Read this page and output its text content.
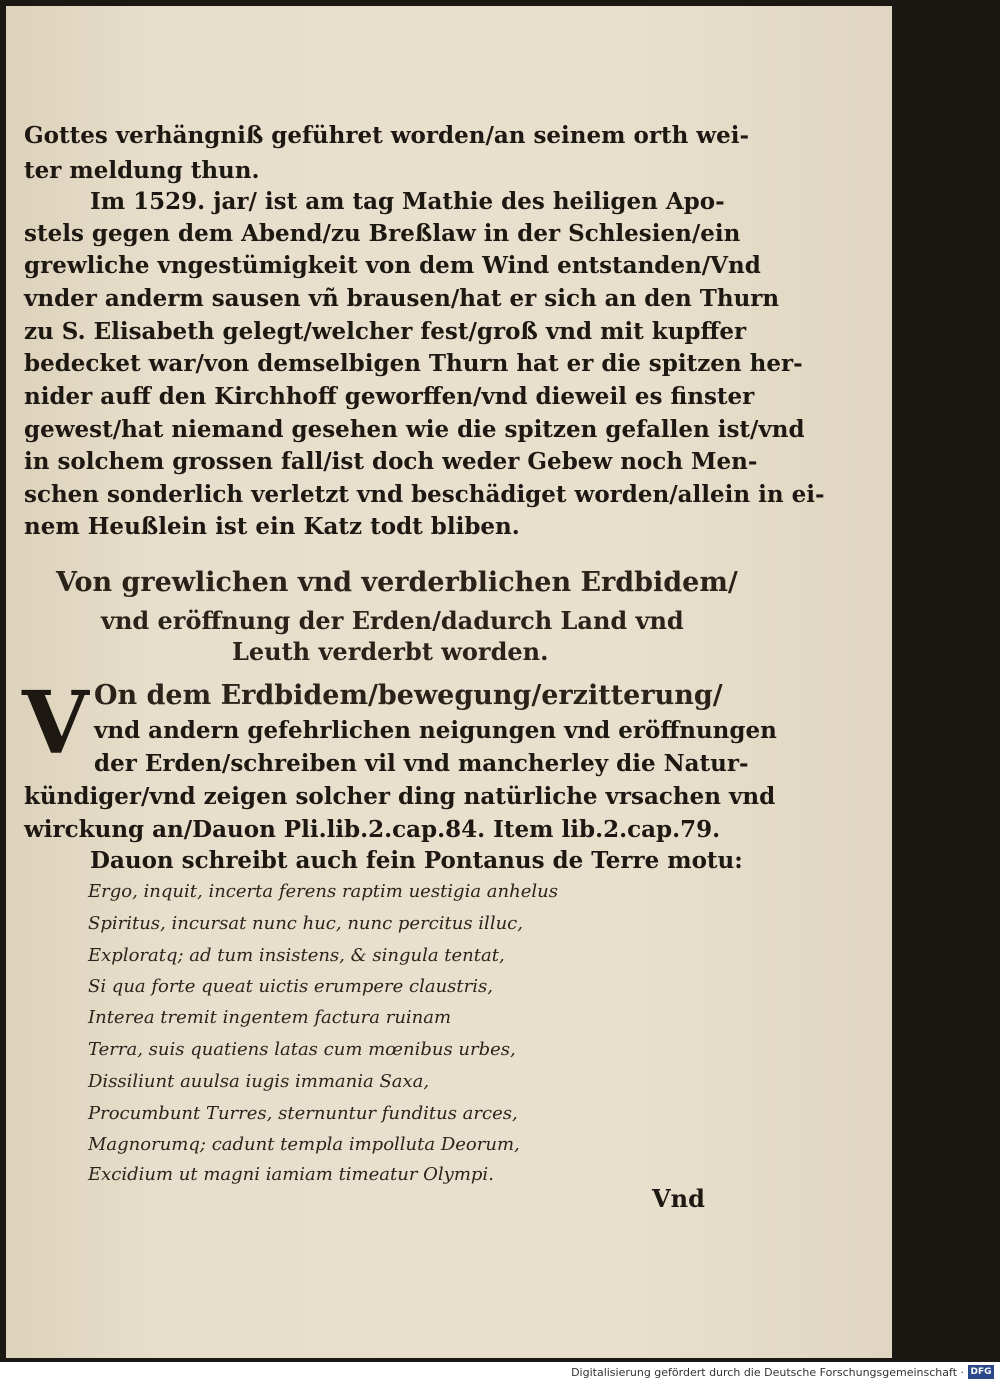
Gottes verhängniß geführet worden/an seinem orth wei-
ter meldung thun.
Im 1529. jar/ ist am tag Mathie des heiligen Apo-
stels gegen dem Abend/zu Breßlaw in der Schlesien/ein
grewliche vngestümigkeit von dem Wind entstanden/Vnd
vnder anderm sausen vñ brausen/hat er sich an den Thurn
zu S. Elisabeth gelegt/welcher fest/groß vnd mit kupffer
bedecket war/von demselbigen Thurn hat er die spitzen her-
nider auff den Kirchhoff geworffen/vnd dieweil es finster
gewest/hat niemand gesehen wie die spitzen gefallen ist/vnd
in solchem grossen fall/ist doch weder Gebew noch Men-
schen sonderlich verletzt vnd beschädiget worden/allein in ei-
nem Heußlein ist ein Katz todt bliben.
Von grewlichen vnd verderblichen Erdbidem/
vnd eröffnung der Erden/dadurch Land vnd
Leuth verderbt worden.
V On dem Erdbidem/bewegung/erzitterung/
vnd andern gefehrlichen neigungen vnd eröffnungen
der Erden/schreiben vil vnd mancherley die Natur-
kündiger/vnd zeigen solcher ding natürliche vrsachen vnd
wirckung an/Dauon Pli.lib.2.cap.84. Item lib.2.cap.79.
Dauon schreibt auch fein Pontanus de Terre motu:
Ergo, inquit, incerta ferens raptim uestigia anhelus
Spiritus, incursat nunc huc, nunc percitus illuc,
Exploratq; ad tum insistens, & singula tentat,
Si qua forte queat uictis erumpere claustris,
Interea tremit ingentem factura ruinam
Terra, suis quatiens latas cum mœnibus urbes,
Dissiliunt auulsa iugis immania Saxa,
Procumbunt Turres, sternuntur funditus arces,
Magnorumq; cadunt templa impolluta Deorum,
Excidium ut magni iamiam timeatur Olympi.
Vnd
Digitalisierung gefördert durch die Deutsche Forschungsgemeinschaft · DFG
